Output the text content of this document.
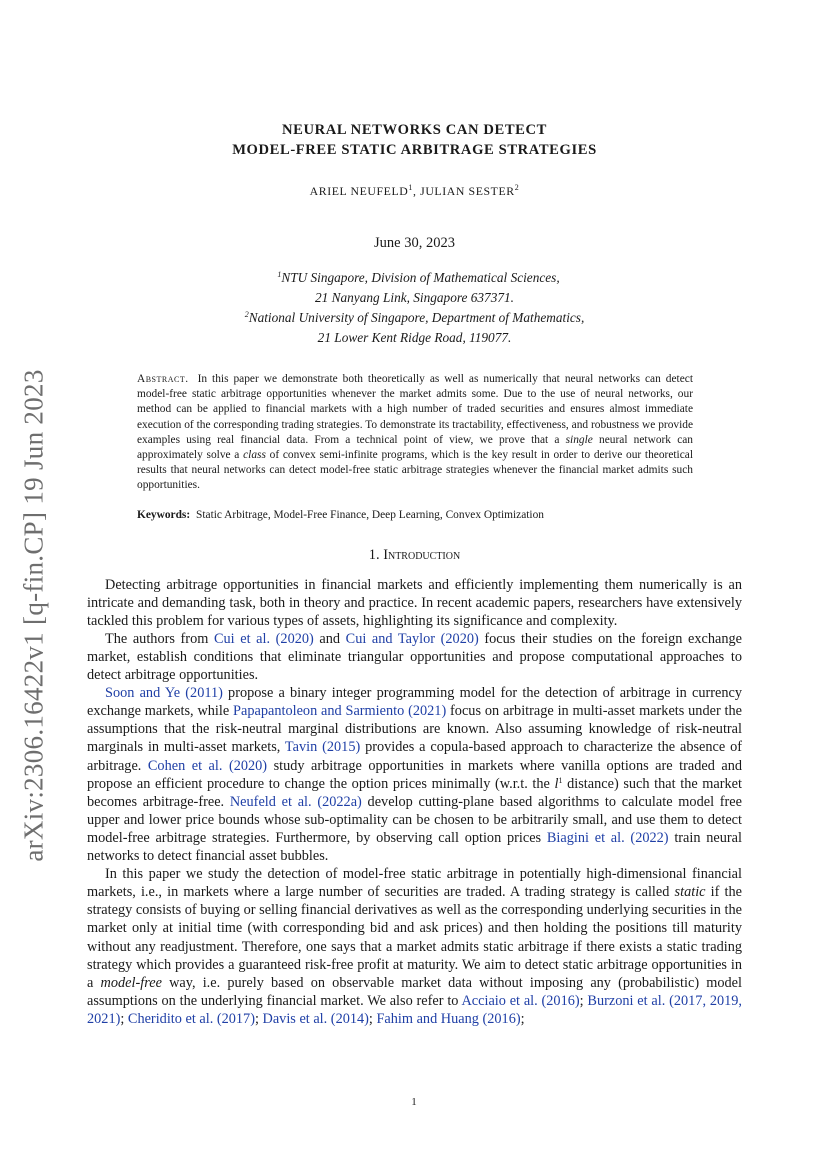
arXiv:2306.16422v1 [q-fin.CP] 19 Jun 2023
NEURAL NETWORKS CAN DETECT
MODEL-FREE STATIC ARBITRAGE STRATEGIES
ARIEL NEUFELD$^1$, JULIAN SESTER$^2$
June 30, 2023
$^1$NTU Singapore, Division of Mathematical Sciences,
21 Nanyang Link, Singapore 637371.
$^2$National University of Singapore, Department of Mathematics,
21 Lower Kent Ridge Road, 119077.
Abstract. In this paper we demonstrate both theoretically as well as numerically that neural networks can detect model-free static arbitrage opportunities whenever the market admits some. Due to the use of neural networks, our method can be applied to financial markets with a high number of traded securities and ensures almost immediate execution of the corresponding trading strategies. To demonstrate its tractability, effectiveness, and robustness we provide examples using real financial data. From a technical point of view, we prove that a single neural network can approximately solve a class of convex semi-infinite programs, which is the key result in order to derive our theoretical results that neural networks can detect model-free static arbitrage strategies whenever the financial market admits such opportunities.
Keywords: Static Arbitrage, Model-Free Finance, Deep Learning, Convex Optimization
1. Introduction

Detecting arbitrage opportunities in financial markets and efficiently implementing them numerically is an intricate and demanding task, both in theory and practice. In recent academic papers, researchers have extensively tackled this problem for various types of assets, highlighting its significance and complexity.

The authors from Cui et al. (2020) and Cui and Taylor (2020) focus their studies on the foreign exchange market, establish conditions that eliminate triangular opportunities and propose computational approaches to detect arbitrage opportunities.

Soon and Ye (2011) propose a binary integer programming model for the detection of arbitrage in currency exchange markets, while Papapantoleon and Sarmiento (2021) focus on arbitrage in multi-asset markets under the assumptions that the risk-neutral marginal distributions are known. Also assuming knowledge of risk-neutral marginals in multi-asset markets, Tavin (2015) provides a copula-based approach to characterize the absence of arbitrage. Cohen et al. (2020) study arbitrage opportunities in markets where vanilla options are traded and propose an efficient procedure to change the option prices minimally (w.r.t. the $l^1$ distance) such that the market becomes arbitrage-free. Neufeld et al. (2022a) develop cutting-plane based algorithms to calculate model free upper and lower price bounds whose sub-optimality can be chosen to be arbitrarily small, and use them to detect model-free arbitrage strategies. Furthermore, by observing call option prices Biagini et al. (2022) train neural networks to detect financial asset bubbles.

In this paper we study the detection of model-free static arbitrage in potentially high-dimensional financial markets, i.e., in markets where a large number of securities are traded. A trading strategy is called static if the strategy consists of buying or selling financial derivatives as well as the corresponding underlying securities in the market only at initial time (with corresponding bid and ask prices) and then holding the positions till maturity without any readjustment. Therefore, one says that a market admits static arbitrage if there exists a static trading strategy which provides a guaranteed risk-free profit at maturity. We aim to detect static arbitrage opportunities in a model-free way, i.e. purely based on observable market data without imposing any (probabilistic) model assumptions on the underlying financial market. We also refer to Acciaio et al. (2016); Burzoni et al. (2017, 2019, 2021); Cheridito et al. (2017); Davis et al. (2014); Fahim and Huang (2016);

1
